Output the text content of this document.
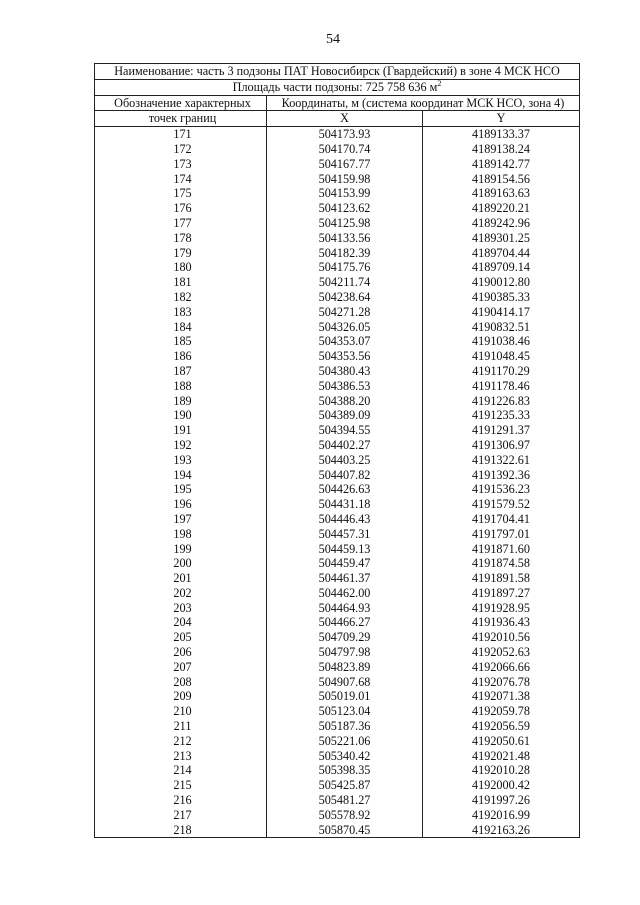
54
Наименование: часть 3 подзоны ПАТ Новосибирск (Гвардейский) в зоне 4 МСК НСО		
Площадь части подзоны: 725 758 636 $м^2$
Обозначение характерных	Координаты, м (система координат МСК НСО, зона 4)	
точек границ	X	Y
171	504173.93	4189133.37
172	504170.74	4189138.24
173	504167.77	4189142.77
174	504159.98	4189154.56
175	504153.99	4189163.63
176	504123.62	4189220.21
177	504125.98	4189242.96
178	504133.56	4189301.25
179	504182.39	4189704.44
180	504175.76	4189709.14
181	504211.74	4190012.80
182	504238.64	4190385.33
183	504271.28	4190414.17
184	504326.05	4190832.51
185	504353.07	4191038.46
186	504353.56	4191048.45
187	504380.43	4191170.29
188	504386.53	4191178.46
189	504388.20	4191226.83
190	504389.09	4191235.33
191	504394.55	4191291.37
192	504402.27	4191306.97
193	504403.25	4191322.61
194	504407.82	4191392.36
195	504426.63	4191536.23
196	504431.18	4191579.52
197	504446.43	4191704.41
198	504457.31	4191797.01
199	504459.13	4191871.60
200	504459.47	4191874.58
201	504461.37	4191891.58
202	504462.00	4191897.27
203	504464.93	4191928.95
204	504466.27	4191936.43
205	504709.29	4192010.56
206	504797.98	4192052.63
207	504823.89	4192066.66
208	504907.68	4192076.78
209	505019.01	4192071.38
210	505123.04	4192059.78
211	505187.36	4192056.59
212	505221.06	4192050.61
213	505340.42	4192021.48
214	505398.35	4192010.28
215	505425.87	4192000.42
216	505481.27	4191997.26
217	505578.92	4192016.99
218	505870.45	4192163.26
